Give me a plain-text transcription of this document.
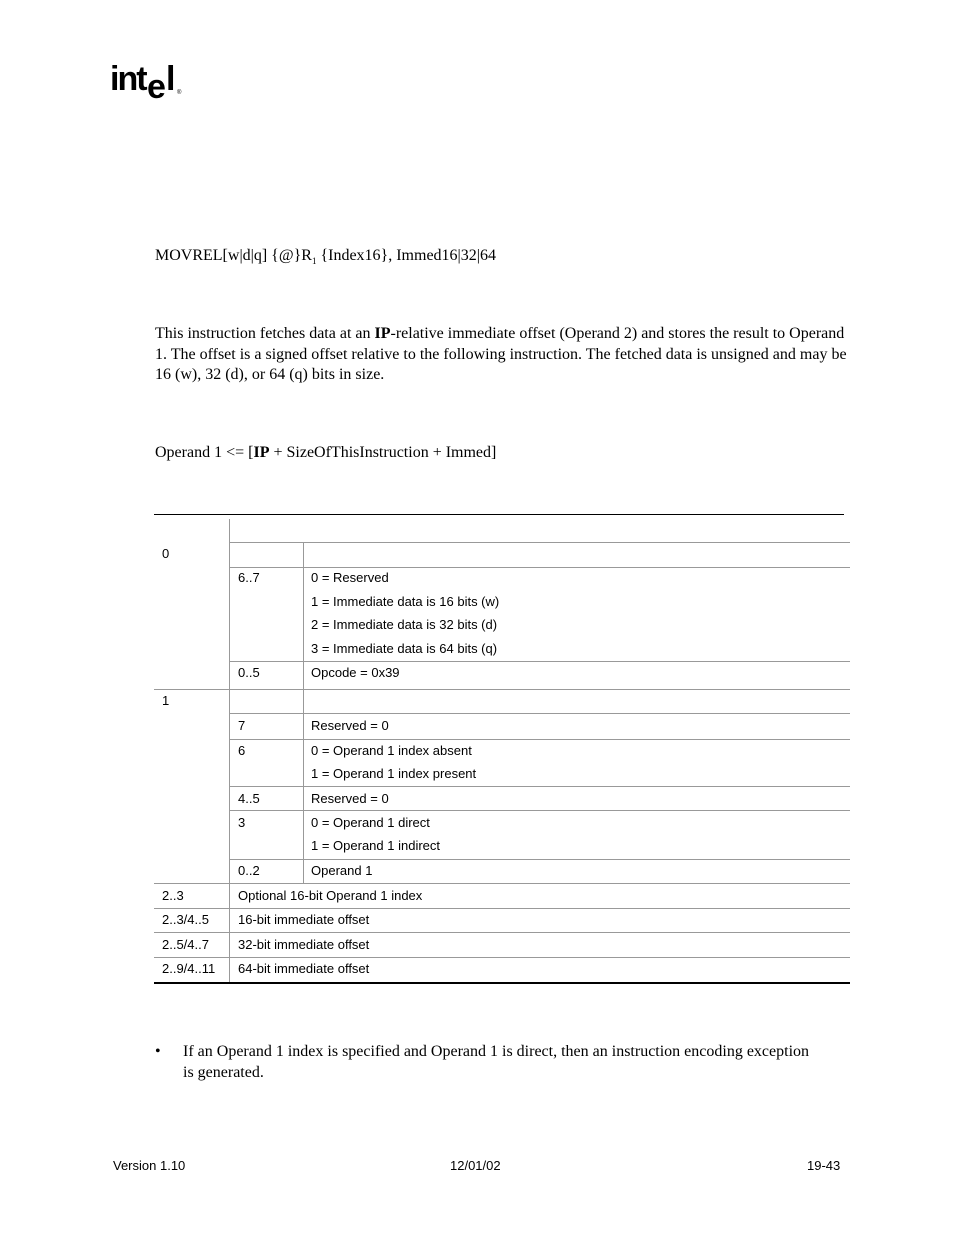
int e l ®
MOVREL[w|d|q] $\{@\}R_1$ {Index16}, Immed16|32|64
This instruction fetches data at an IP-relative immediate offset (Operand 2) and stores the result to Operand 1. The offset is a signed offset relative to the following instruction. The fetched data is unsigned and may be 16 (w), 32 (d), or 64 (q) bits in size.
Operand 1 <= [IP + SizeOfThisInstruction + Immed]
0
6..7	0 = Reserved
1 = Immediate data is 16 bits (w)
2 = Immediate data is 32 bits (d)
3 = Immediate data is 64 bits (q)
0..5	Opcode = 0x39
1
7	Reserved = 0
6	0 = Operand 1 index absent
1 = Operand 1 index present
4..5	Reserved = 0
3	0 = Operand 1 direct
1 = Operand 1 indirect
0..2	Operand 1
2..3	Optional 16-bit Operand 1 index
2..3/4..5 16-bit immediate offset
2..5/4..7 32-bit immediate offset
2..9/4..11 64-bit immediate offset
• If an Operand 1 index is specified and Operand 1 is direct, then an instruction encoding exception is generated.
Version 1.10	12/01/02	19-43
